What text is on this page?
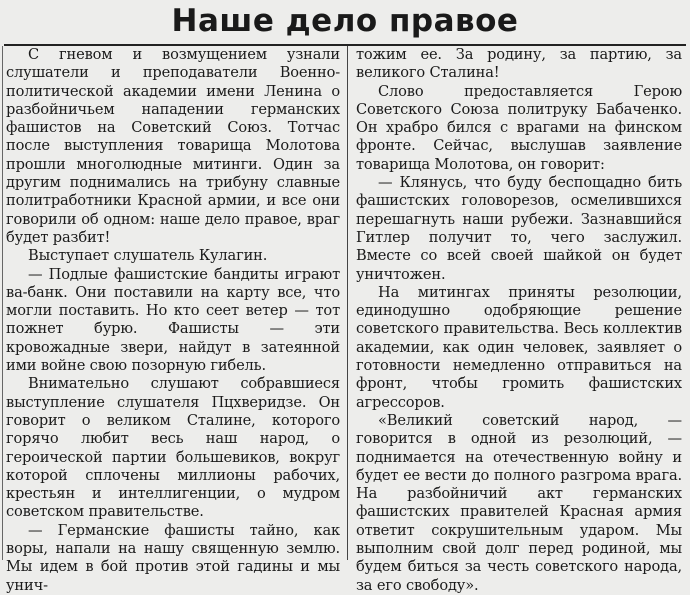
Наше дело правое

С гневом и возмущением узнали слушатели и преподаватели Военно-политической академии имени Ленина о разбойничьем нападении германских фашистов на Советский Союз. Тотчас после выступления товарища Молотова прошли многолюдные митинги. Один за другим поднимались на трибуну славные политработники Красной армии, и все они говорили об одном: наше дело правое, враг будет разбит!

Выступает слушатель Кулагин.

— Подлые фашистские бандиты играют ва-банк. Они поставили на карту все, что могли поставить. Но кто сеет ветер — тот пожнет бурю. Фашисты — эти кровожадные звери, найдут в затеянной ими войне свою позорную гибель.

Внимательно слушают собравшиеся выступление слушателя Пцхверидзе. Он говорит о великом Сталине, которого горячо любит весь наш народ, о героической партии большевиков, вокруг которой сплочены миллионы рабочих, крестьян и интеллигенции, о мудром советском правительстве.

— Германские фашисты тайно, как воры, напали на нашу священную землю. Мы идем в бой против этой гадины и мы унич-

тожим ее. За родину, за партию, за великого Сталина!

Слово предоставляется Герою Советского Союза политруку Бабаченко. Он храбро бился с врагами на финском фронте. Сейчас, выслушав заявление товарища Молотова, он говорит:

— Клянусь, что буду беспощадно бить фашистских головорезов, осмелившихся перешагнуть наши рубежи. Зазнавшийся Гитлер получит то, чего заслужил. Вместе со всей своей шайкой он будет уничтожен.

На митингах приняты резолюции, единодушно одобряющие решение советского правительства. Весь коллектив академии, как один человек, заявляет о готовности немедленно отправиться на фронт, чтобы громить фашистских агрессоров.

«Великий советский народ, — говорится в одной из резолюций, — поднимается на отечественную войну и будет ее вести до полного разгрома врага. На разбойничий акт германских фашистских правителей Красная армия ответит сокрушительным ударом. Мы выполним свой долг перед родиной, мы будем биться за честь советского народа, за его свободу».
